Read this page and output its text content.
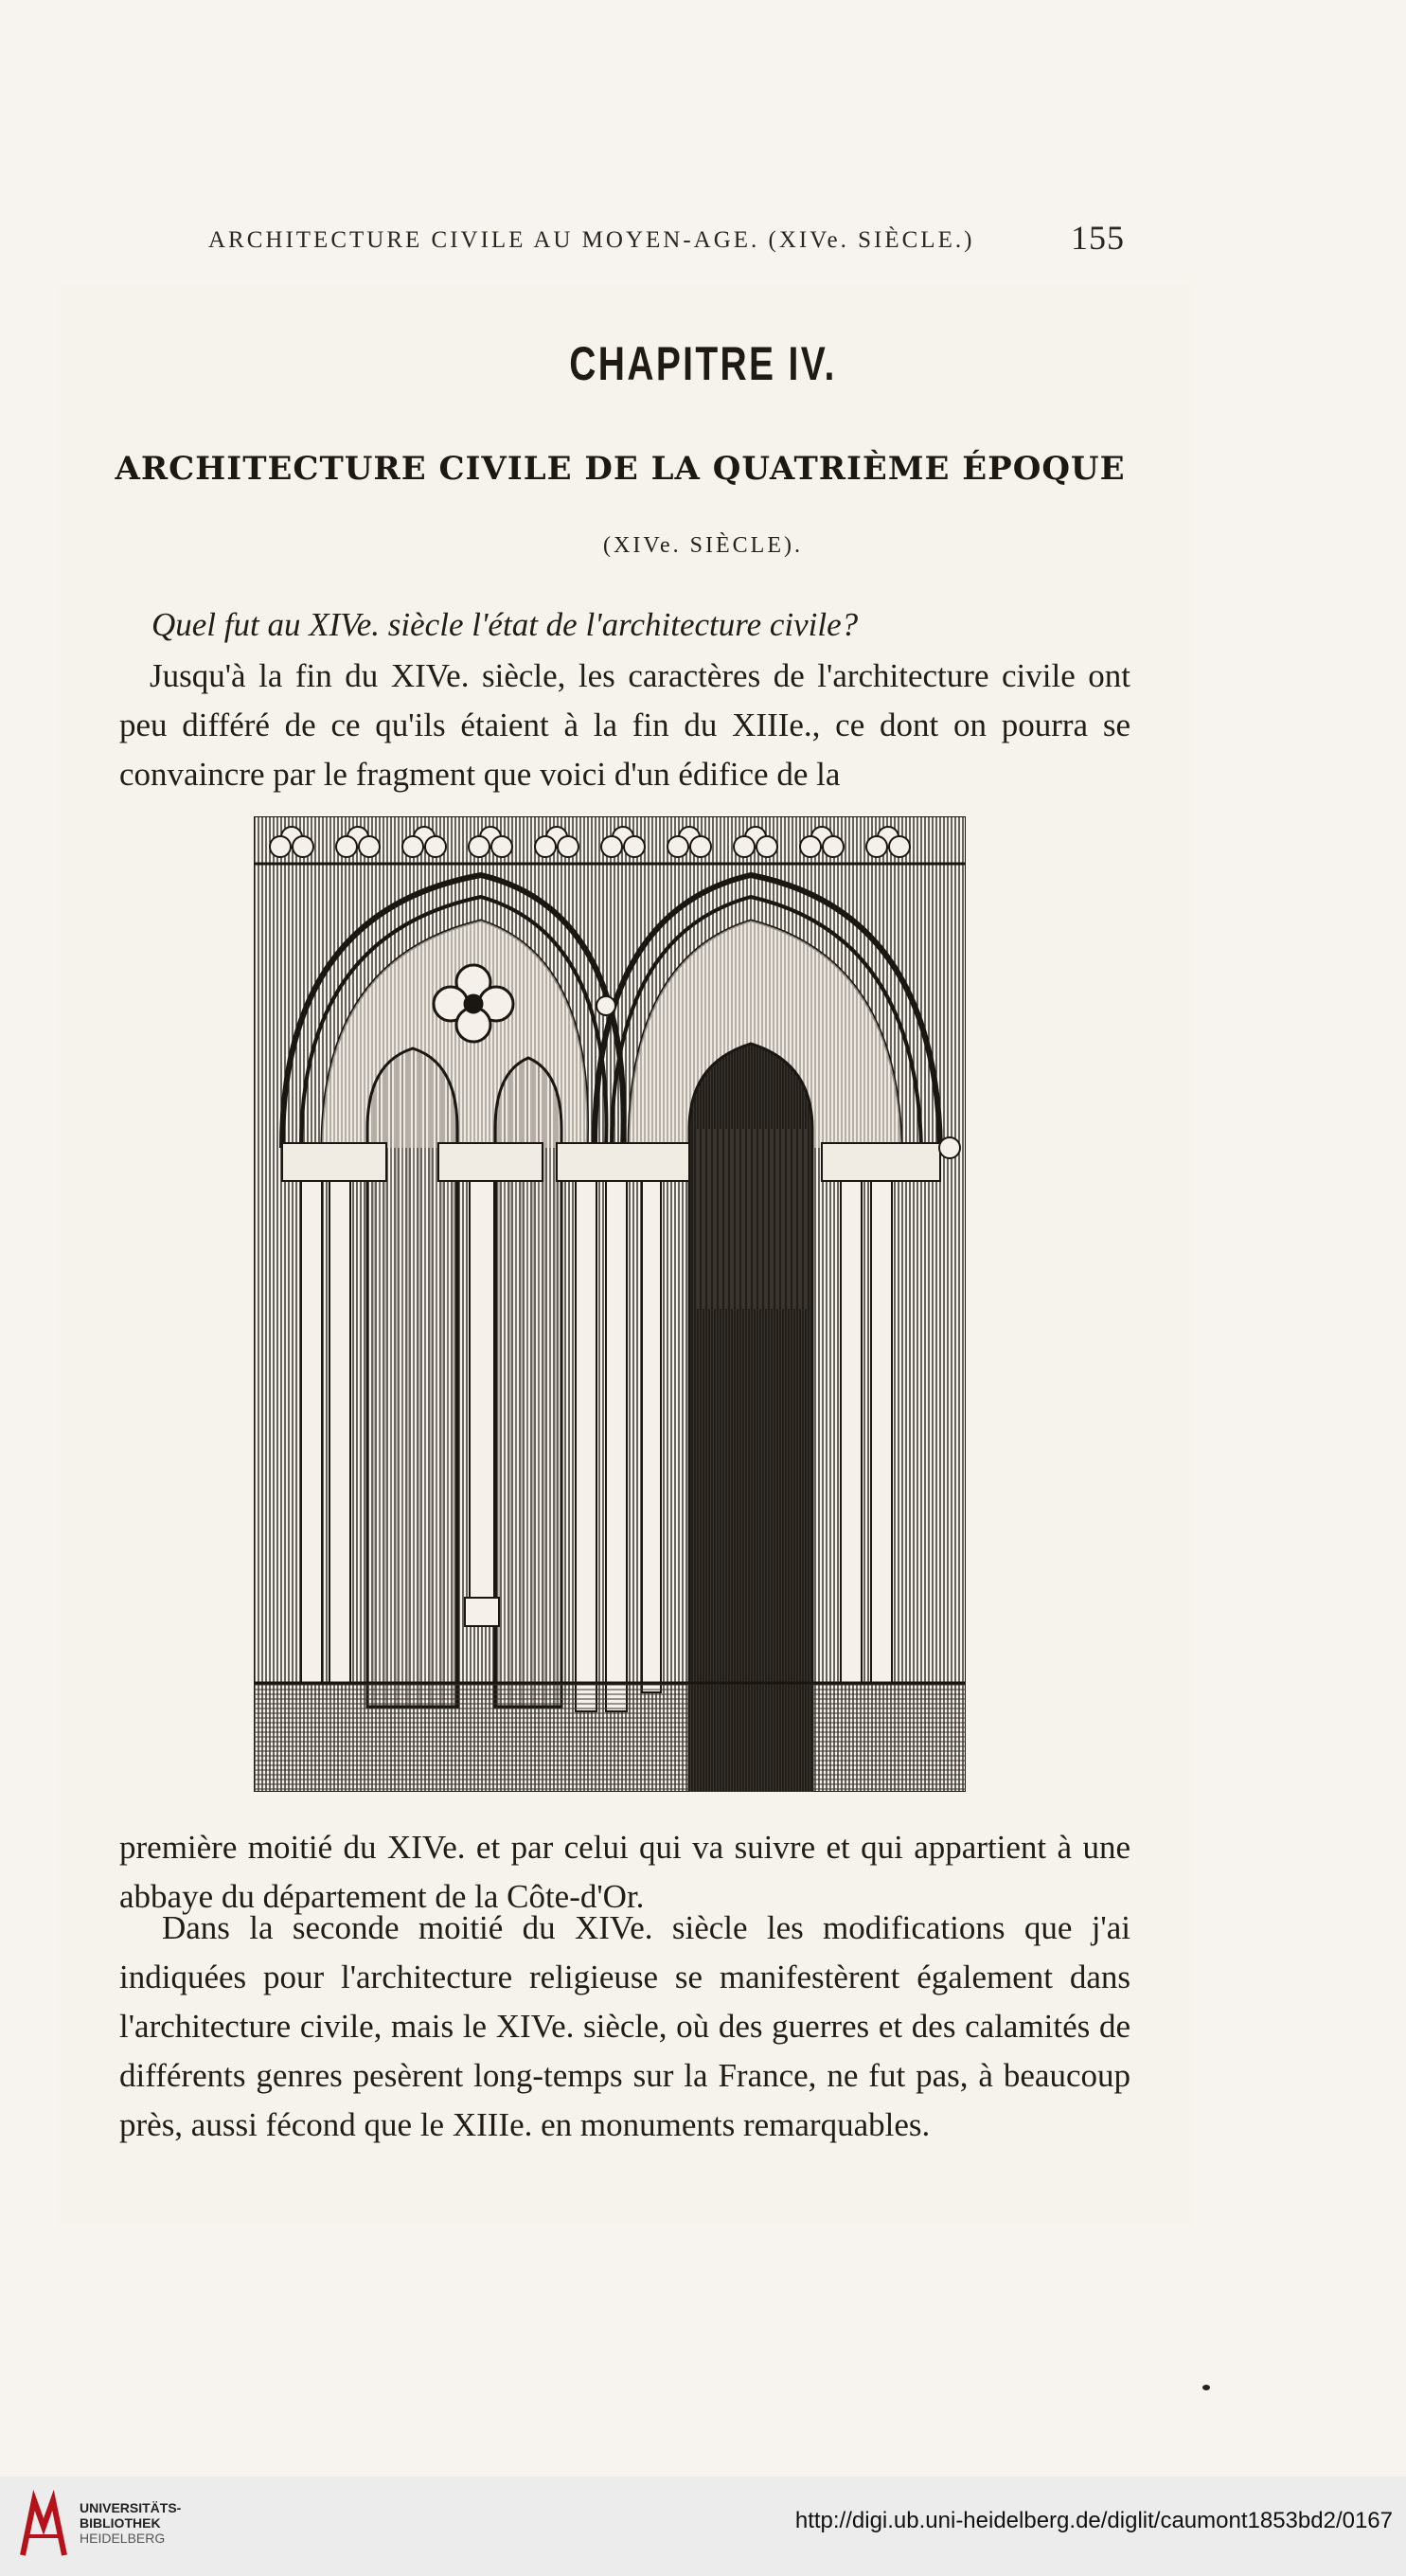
ARCHITECTURE CIVILE AU MOYEN-AGE. (XIVe. SIÈCLE.)	155
CHAPITRE IV.
ARCHITECTURE CIVILE DE LA QUATRIÈME ÉPOQUE
(XIVe. SIÈCLE).
Quel fut au XIVe. siècle l'état de l'architecture civile?

Jusqu'à la fin du XIVe. siècle, les caractères de l'architecture civile ont peu différé de ce qu'ils étaient à la fin du XIIIe., ce dont on pourra se convaincre par le fragment que voici d'un édifice de la

première moitié du XIVe. et par celui qui va suivre et qui appartient à une abbaye du département de la Côte-d'Or.

Dans la seconde moitié du XIVe. siècle les modifications que j'ai indiquées pour l'architecture religieuse se manifestèrent également dans l'architecture civile, mais le XIVe. siècle, où des guerres et des calamités de différents genres pesèrent long-temps sur la France, ne fut pas, à beaucoup près, aussi fécond que le XIIIe. en monuments remarquables.

UNIVERSITÄTS-
BIBLIOTHEK
HEIDELBERG
http://digi.ub.uni-heidelberg.de/diglit/caumont1853bd2/0167
